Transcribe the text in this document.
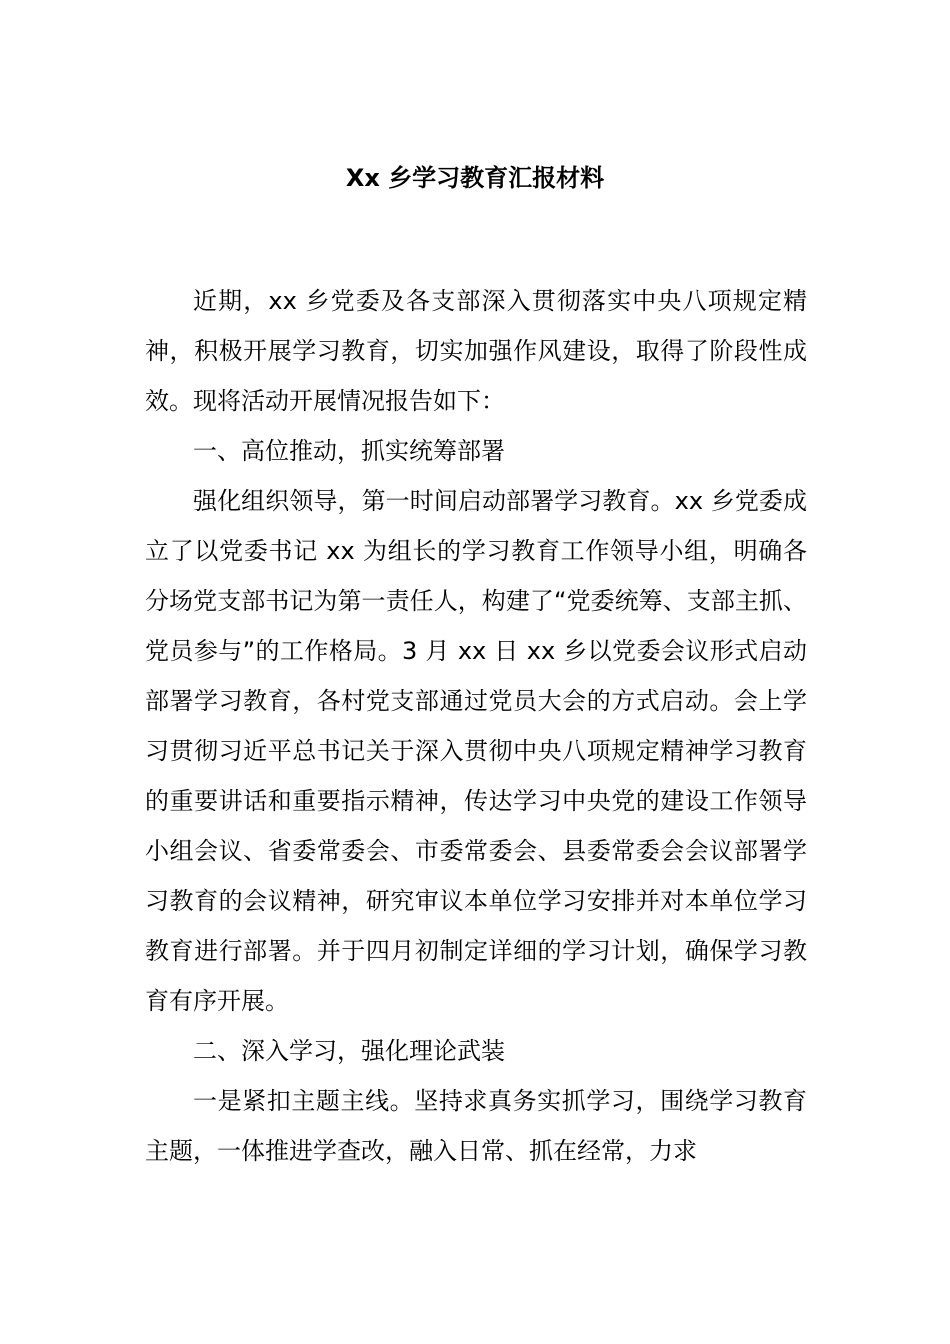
Xx 乡学习教育汇报材料

近期，xx 乡党委及各支部深入贯彻落实中央八项规定精神，积极开展学习教育，切实加强作风建设，取得了阶段性成效。现将活动开展情况报告如下：

一、高位推动，抓实统筹部署

强化组织领导，第一时间启动部署学习教育。xx 乡党委成立了以党委书记 xx 为组长的学习教育工作领导小组，明确各分场党支部书记为第一责任人，构建了“党委统筹、支部主抓、党员参与”的工作格局。3 月 xx 日 xx 乡以党委会议形式启动部署学习教育，各村党支部通过党员大会的方式启动。会上学习贯彻习近平总书记关于深入贯彻中央八项规定精神学习教育的重要讲话和重要指示精神，传达学习中央党的建设工作领导小组会议、省委常委会、市委常委会、县委常委会会议部署学习教育的会议精神，研究审议本单位学习安排并对本单位学习教育进行部署。并于四月初制定详细的学习计划，确保学习教育有序开展。

二、深入学习，强化理论武装

一是紧扣主题主线。坚持求真务实抓学习，围绕学习教育主题，一体推进学查改，融入日常、抓在经常，力求
